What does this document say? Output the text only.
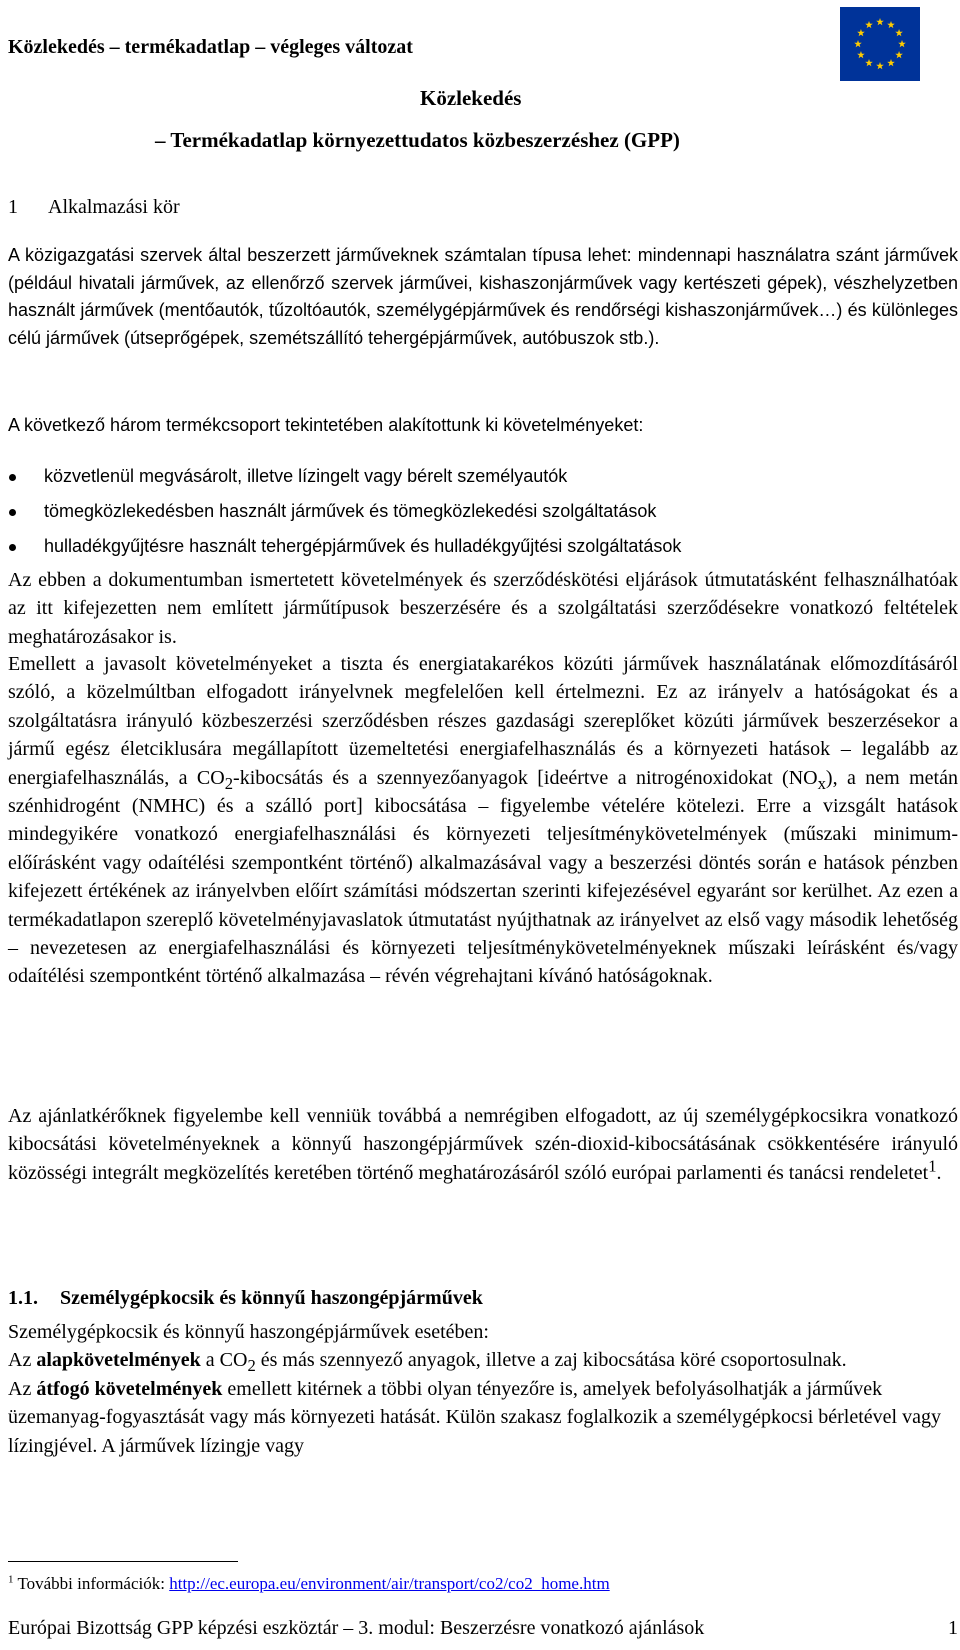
Közlekedés – termékadatlap – végleges változat
Közlekedés
– Termékadatlap környezettudatos közbeszerzéshez (GPP)
1 Alkalmazási kör
A közigazgatási szervek által beszerzett járműveknek számtalan típusa lehet: mindennapi használatra szánt járművek (például hivatali járművek, az ellenőrző szervek járművei, kishaszonjárművek vagy kertészeti gépek), vészhelyzetben használt járművek (mentőautók, tűzoltóautók, személygépjárművek és rendőrségi kishaszonjárművek…) és különleges célú járművek (útseprőgépek, szemétszállító tehergépjárművek, autóbuszok stb.).
A következő három termékcsoport tekintetében alakítottunk ki követelményeket:
közvetlenül megvásárolt, illetve lízingelt vagy bérelt személyautók
tömegközlekedésben használt járművek és tömegközlekedési szolgáltatások
hulladékgyűjtésre használt tehergépjárművek és hulladékgyűjtési szolgáltatások
Az ebben a dokumentumban ismertetett követelmények és szerződéskötési eljárások útmutatásként felhasználhatóak az itt kifejezetten nem említett járműtípusok beszerzésére és a szolgáltatási szerződésekre vonatkozó feltételek meghatározásakor is.
Emellett a javasolt követelményeket a tiszta és energiatakarékos közúti járművek használatának előmozdításáról szóló, a közelmúltban elfogadott irányelvnek megfelelően kell értelmezni. Ez az irányelv a hatóságokat és a szolgáltatásra irányuló közbeszerzési szerződésben részes gazdasági szereplőket közúti járművek beszerzésekor a jármű egész életciklusára megállapított üzemeltetési energiafelhasználás és a környezeti hatások – legalább az energiafelhasználás, a $CO_2$-kibocsátás és a szennyezőanyagok [ideértve a nitrogénoxidokat $(NO_x)$, a nem metán szénhidrogént (NMHC) és a szálló port] kibocsátása – figyelembe vételére kötelezi. Erre a vizsgált hatások mindegyikére vonatkozó energiafelhasználási és környezeti teljesítménykövetelmények (műszaki minimum-előírásként vagy odaítélési szempontként történő) alkalmazásával vagy a beszerzési döntés során e hatások pénzben kifejezett értékének az irányelvben előírt számítási módszertan szerinti kifejezésével egyaránt sor kerülhet. Az ezen a termékadatlapon szereplő követelményjavaslatok útmutatást nyújthatnak az irányelvet az első vagy második lehetőség – nevezetesen az energiafelhasználási és környezeti teljesítménykövetelményeknek műszaki leírásként és/vagy odaítélési szempontként történő alkalmazása – révén végrehajtani kívánó hatóságoknak.
Az ajánlatkérőknek figyelembe kell venniük továbbá a nemrégiben elfogadott, az új személygépkocsikra vonatkozó kibocsátási követelményeknek a könnyű haszongépjárművek szén-dioxid-kibocsátásának csökkentésére irányuló közösségi integrált megközelítés keretében történő meghatározásáról szóló európai parlamenti és tanácsi rendeletet$^1$.
1.1. Személygépkocsik és könnyű haszongépjárművek
Személygépkocsik és könnyű haszongépjárművek esetében:
Az alapkövetelmények a $CO_2$ és más szennyező anyagok, illetve a zaj kibocsátása köré csoportosulnak.
Az átfogó követelmények emellett kitérnek a többi olyan tényezőre is, amelyek befolyásolhatják a járművek üzemanyag-fogyasztását vagy más környezeti hatását. Külön szakasz foglalkozik a személygépkocsi bérletével vagy lízingjével. A járművek lízingje vagy
$^1$ További információk: http://ec.europa.eu/environment/air/transport/co2/co2_home.htm
Európai Bizottság GPP képzési eszköztár – 3. modul: Beszerzésre vonatkozó ajánlások	1
